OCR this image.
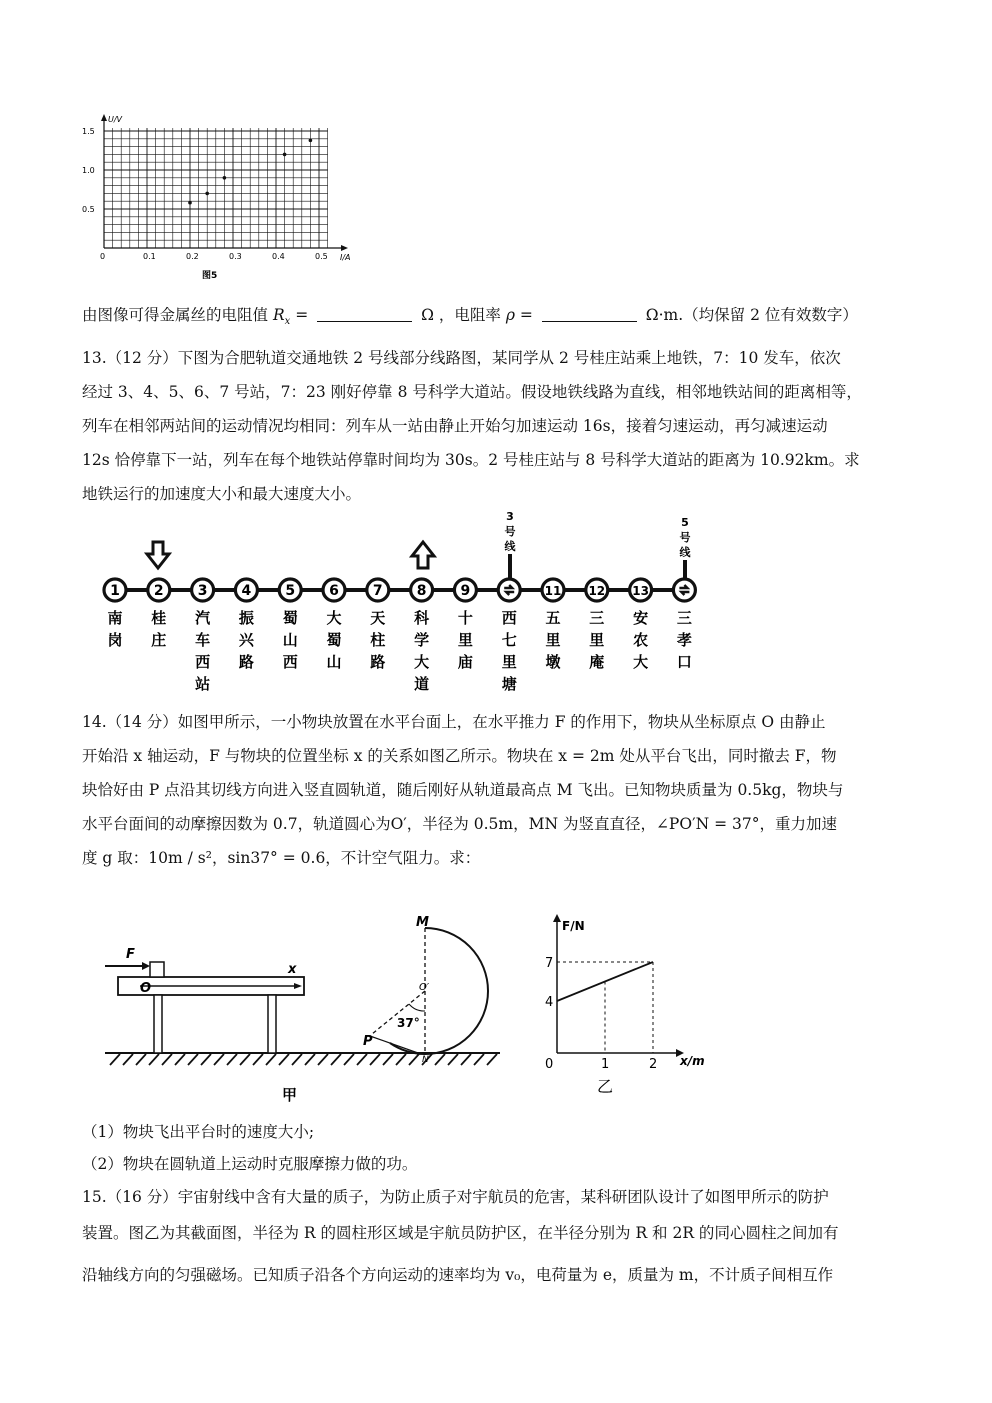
U/V
I/A
1.5
1.0
0.5
0	0.1	0.2	0.3	0.4	0.5
图5
由图像可得金属丝的电阻值 $R_x$ =	Ω ，电阻率 ρ =	Ω·m.（均保留 2 位有效数字）
13.（12 分）下图为合肥轨道交通地铁 2 号线部分线路图，某同学从 2 号桂庄站乘上地铁，7：10 发车，依次
经过 3、4、5、6、7 号站，7：23 刚好停靠 8 号科学大道站。假设地铁线路为直线，相邻地铁站间的距离相等，
列车在相邻两站间的运动情况均相同：列车从一站由静止开始匀加速运动 16s，接着匀速运动，再匀减速运动
12s 恰停靠下一站，列车在每个地铁站停靠时间均为 30s。2 号桂庄站与 8 号科学大道站的距离为 10.92km。求
地铁运行的加速度大小和最大速度大小。
1
南
岗
2
桂
庄
3
汽
车
西
站
4
振
兴
路
5
蜀
山
西
6
大
蜀
山
7
天
柱
路
8
科
学
大
道
9
十
里
庙
西
七
里
塘
11
五
里
墩
12
三
里
庵
13
安
农
大
三
孝
口
3
号
线
5
号
线
14.（14 分）如图甲所示，一小物块放置在水平台面上，在水平推力 F 的作用下，物块从坐标原点 O 由静止
开始沿 x 轴运动，F 与物块的位置坐标 x 的关系如图乙所示。物块在 x = 2m 处从平台飞出，同时撤去 F，物
块恰好由 P 点沿其切线方向进入竖直圆轨道，随后刚好从轨道最高点 M 飞出。已知物块质量为 0.5kg，物块与
水平台面间的动摩擦因数为 0.7，轨道圆心为O′，半径为 0.5m，MN 为竖直直径，∠PO′N = 37°，重力加速
度 g 取：10m / s²，sin37° = 0.6，不计空气阻力。求：
F
O
x
M
P
O′
N
37°
甲
F/N
x/m
7
4
0	1	2
乙
（1）物块飞出平台时的速度大小;
（2）物块在圆轨道上运动时克服摩擦力做的功。
15.（16 分）宇宙射线中含有大量的质子，为防止质子对宇航员的危害，某科研团队设计了如图甲所示的防护
装置。图乙为其截面图，半径为 R 的圆柱形区域是宇航员防护区，在半径分别为 R 和 2R 的同心圆柱之间加有
沿轴线方向的匀强磁场。已知质子沿各个方向运动的速率均为 v₀，电荷量为 e，质量为 m，不计质子间相互作
